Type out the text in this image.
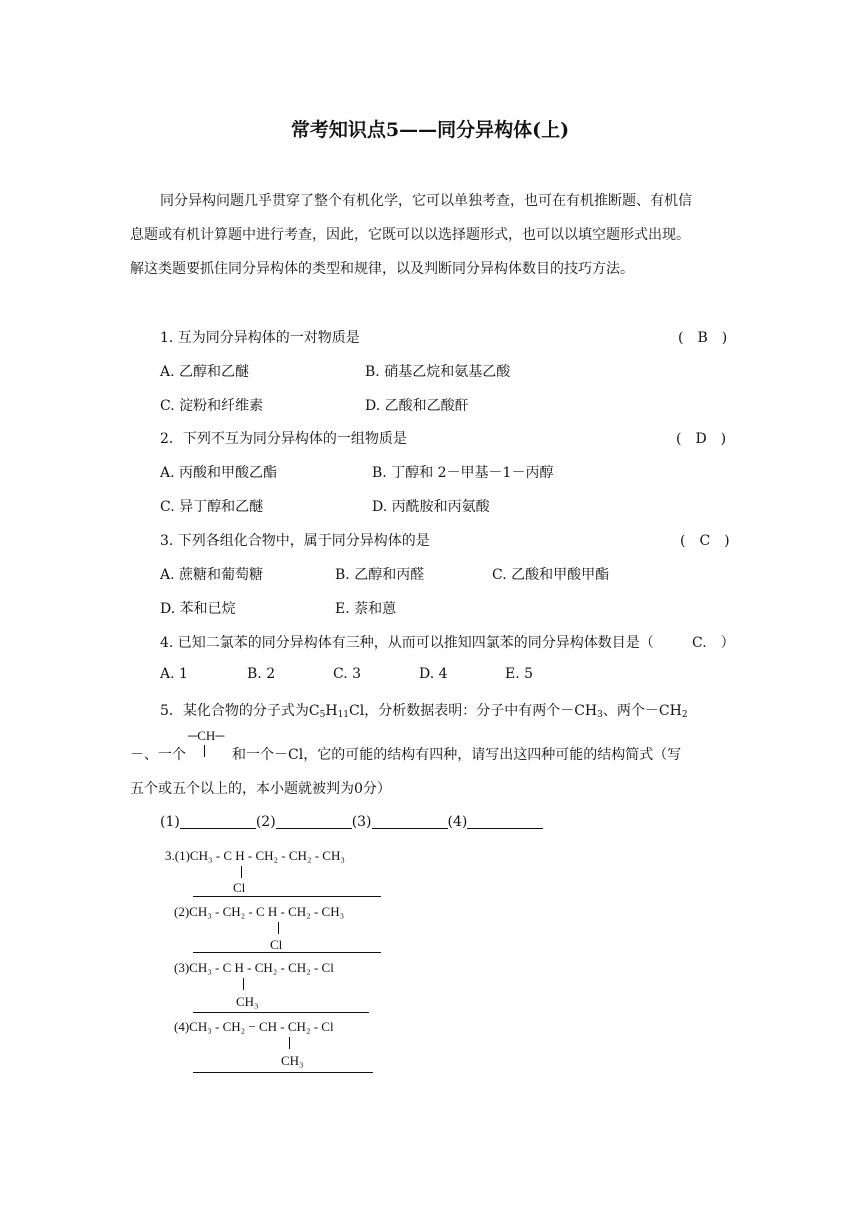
常考知识点5——同分异构体(上)
同分异构问题几乎贯穿了整个有机化学，它可以单独考查，也可在有机推断题、有机信
息题或有机计算题中进行考查，因此，它既可以以选择题形式，也可以以填空题形式出现。
解这类题要抓住同分异构体的类型和规律，以及判断同分异构体数目的技巧方法。
1. 互为同分异构体的一对物质是	(　B　)
A. 乙醇和乙醚	B. 硝基乙烷和氨基乙酸
C. 淀粉和纤维素	D. 乙酸和乙酸酐
2．下列不互为同分异构体的一组物质是	(　D　)
A. 丙酸和甲酸乙酯	B. 丁醇和 2－甲基－1－丙醇
C. 异丁醇和乙醚	D. 丙酰胺和丙氨酸
3. 下列各组化合物中，属于同分异构体的是	(　C　)
A. 蔗糖和葡萄糖	B. 乙醇和丙醛	C. 乙酸和甲酸甲酯
D. 苯和已烷	E. 萘和蒽
4. 已知二氯苯的同分异构体有三种，从而可以推知四氯苯的同分异构体数目是（	C.　）
A. 1	B. 2	C. 3	D. 4	E. 5
5．某化合物的分子式为$C_5H_{11}Cl$，分析数据表明：分子中有两个$-CH_3$、两个$-CH_2$
－、一个
─CH─
和一个－Cl，它的可能的结构有四种，请写出这四种可能的结构简式（写
五个或五个以上的，本小题就被判为0分）
(1)	(2)	(3)	(4)
3.(1)CH₃ - C H - CH₂ - CH₂ - CH₃
Cl
(2)CH₃ - CH₂ - C H - CH₂ - CH₃
Cl
(3)CH₃ - C H - CH₂ - CH₂ - Cl
CH₃
(4)CH₃ - CH₂ − CH - CH₂ - Cl
CH₃
